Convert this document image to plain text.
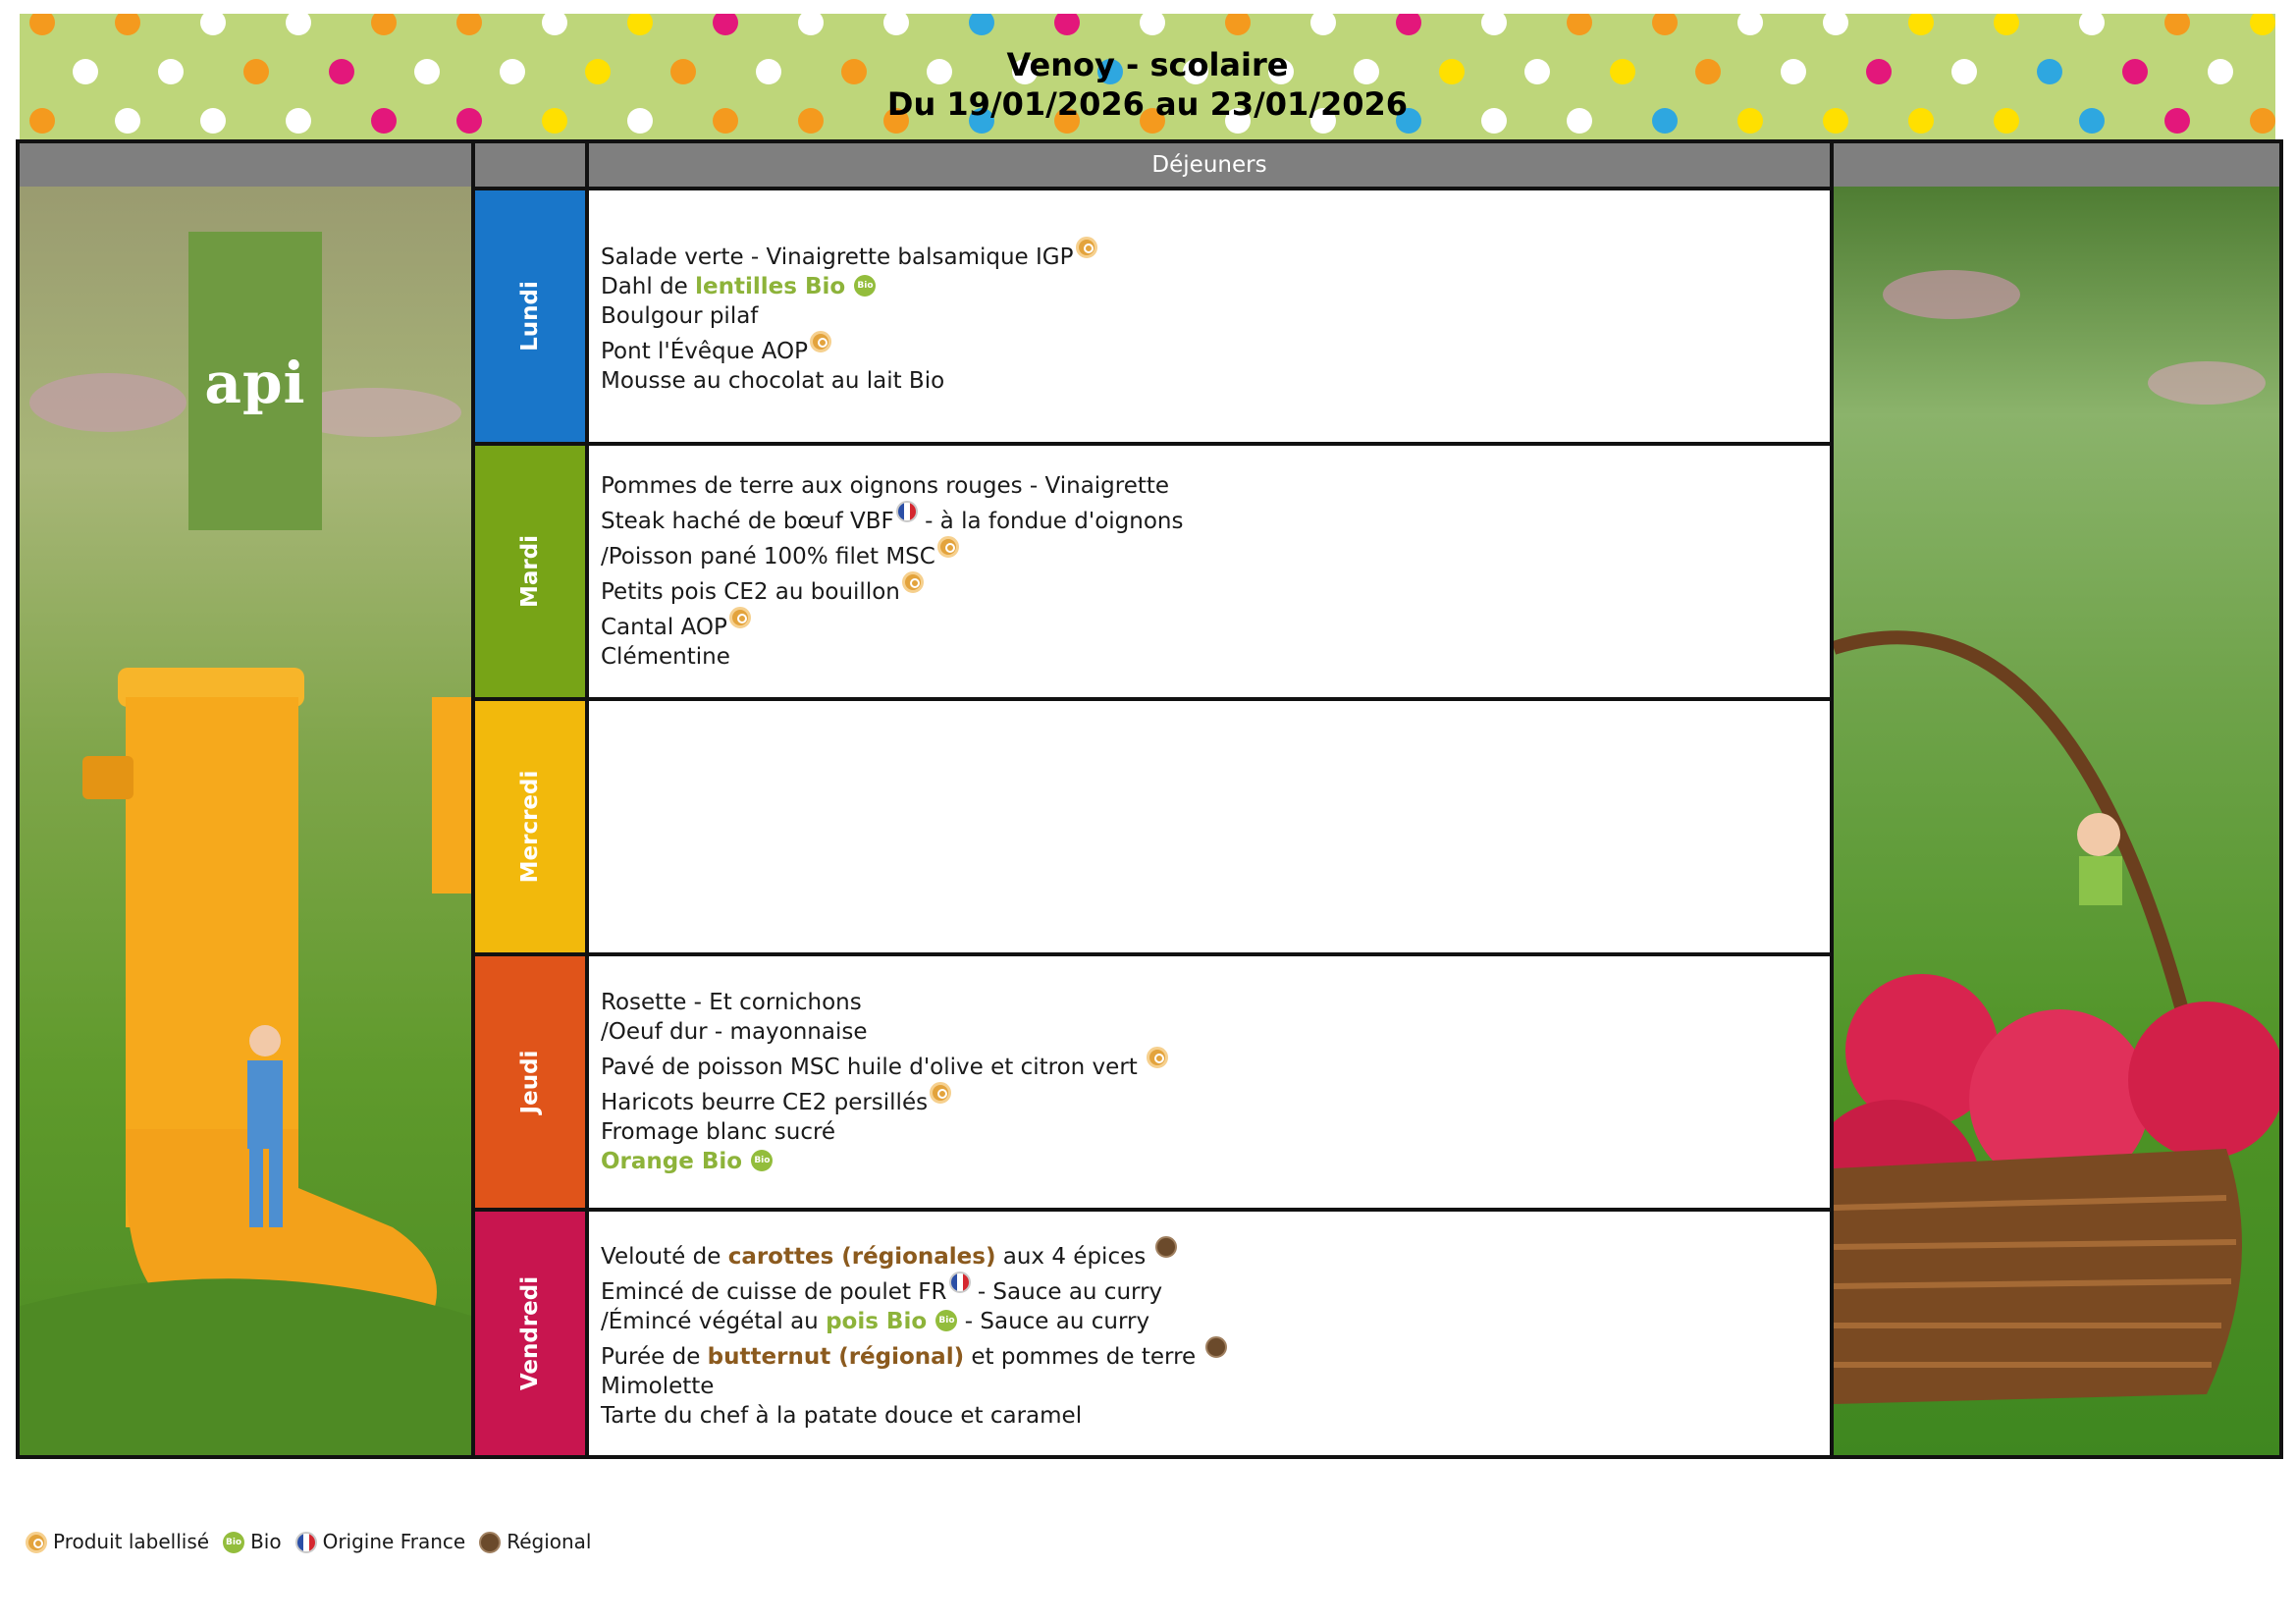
Venoy - scolaire
Du 19/01/2026 au 23/01/2026
Déjeuners
api
Lundi
Mardi
Mercredi
Jeudi
Vendredi
Salade verte - Vinaigrette balsamique IGP
Dahl de lentilles Bio Bio
Boulgour pilaf
Pont l'Évêque AOP
Mousse au chocolat au lait Bio
Pommes de terre aux oignons rouges - Vinaigrette
Steak haché de bœuf VBF - à la fondue d'oignons
/Poisson pané 100% filet MSC
Petits pois CE2 au bouillon
Cantal AOP
Clémentine
Rosette - Et cornichons
/Oeuf dur - mayonnaise
Pavé de poisson MSC huile d'olive et citron vert
Haricots beurre CE2 persillés
Fromage blanc sucré
Orange Bio Bio
Velouté de carottes (régionales) aux 4 épices
Emincé de cuisse de poulet FR - Sauce au curry
/Émincé végétal au pois Bio Bio - Sauce au curry
Purée de butternut (régional) et pommes de terre
Mimolette
Tarte du chef à la patate douce et caramel
Produit labellisé	Bio Bio Origine France Régional
